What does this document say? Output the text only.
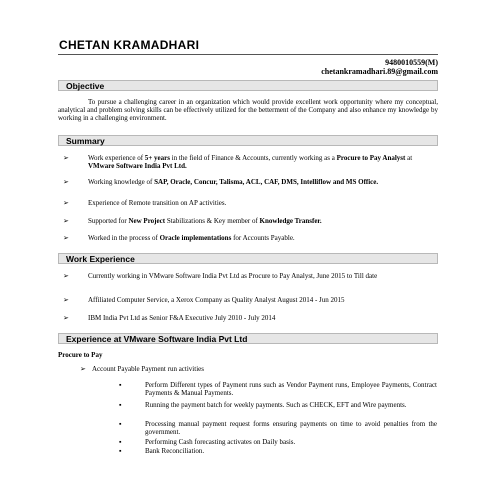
CHETAN KRAMADHARI
9480010559(M)
chetankramadhari.89@gmail.com
Objective
To pursue a challenging career in an organization which would provide excellent work opportunity where my conceptual, analytical and problem solving skills can be effectively utilized for the betterment of the Company and also enhance my knowledge by working in a challenging environment.
Summary
➢	Work experience of 5+ years in the field of Finance & Accounts, currently working as a Procure to Pay Analyst at VMware Software India Pvt Ltd.
➢	Working knowledge of SAP, Oracle, Concur, Talisma, ACL, CAF, DMS, Intelliflow and MS Office.
➢	Experience of Remote transition on AP activities.
➢	Supported for New Project Stabilizations & Key member of Knowledge Transfer.
➢	Worked in the process of Oracle implementations for Accounts Payable.
Work Experience
➢	Currently working in VMware Software India Pvt Ltd as Procure to Pay Analyst, June 2015 to Till date
➢	Affiliated Computer Service, a Xerox Company as Quality Analyst August 2014 - Jun 2015
➢	IBM India Pvt Ltd as Senior F&A Executive July 2010 - July 2014
Experience at VMware Software India Pvt Ltd
Procure to Pay
➢ Account Payable Payment run activities
▪	Perform Different types of Payment runs such as Vendor Payment runs, Employee Payments, Contract Payments & Manual Payments.
▪	Running the payment batch for weekly payments. Such as CHECK, EFT and Wire payments.
▪	Processing manual payment request forms ensuring payments on time to avoid penalties from the government.
▪	Performing Cash forecasting activates on Daily basis.
▪	Bank Reconciliation.
